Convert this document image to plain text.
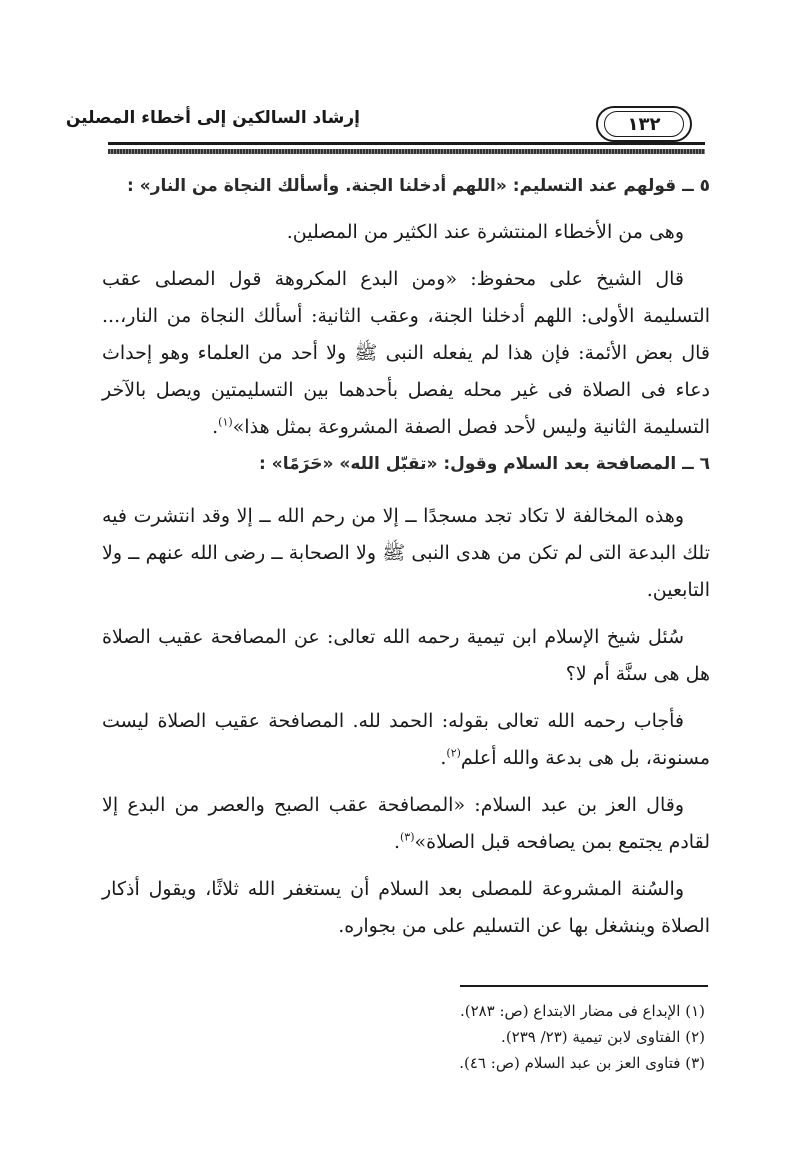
إرشاد السالكين إلى أخطاء المصلين	١٣٢

٥ ــ قولهم عند التسليم: «اللهم أدخلنا الجنة. وأسألك النجاة من النار» :

وهى من الأخطاء المنتشرة عند الكثير من المصلين.

قال الشيخ على محفوظ: «ومن البدع المكروهة قول المصلى عقب التسليمة الأولى: اللهم أدخلنا الجنة، وعقب الثانية: أسألك النجاة من النار،... قال بعض الأئمة: فإن هذا لم يفعله النبى ﷺ ولا أحد من العلماء وهو إحداث دعاء فى الصلاة فى غير محله يفصل بأحدهما بين التسليمتين ويصل بالآخر التسليمة الثانية وليس لأحد فصل الصفة المشروعة بمثل هذا»$^{(١)}$.

٦ ــ المصافحة بعد السلام وقول: «تقبّل الله» «حَرَمًا» :

وهذه المخالفة لا تكاد تجد مسجدًا ــ إلا من رحم الله ــ إلا وقد انتشرت فيه تلك البدعة التى لم تكن من هدى النبى ﷺ ولا الصحابة ــ رضى الله عنهم ــ ولا التابعين.

سُئل شيخ الإسلام ابن تيمية رحمه الله تعالى: عن المصافحة عقيب الصلاة هل هى سنَّة أم لا؟

فأجاب رحمه الله تعالى بقوله: الحمد لله. المصافحة عقيب الصلاة ليست مسنونة، بل هى بدعة والله أعلم$^{(٢)}$.

وقال العز بن عبد السلام: «المصافحة عقب الصبح والعصر من البدع إلا لقادم يجتمع بمن يصافحه قبل الصلاة»$^{(٣)}$.

والسُنة المشروعة للمصلى بعد السلام أن يستغفر الله ثلاثًا، ويقول أذكار الصلاة وينشغل بها عن التسليم على من بجواره.

(١) الإبداع فى مضار الابتداع (ص: ٢٨٣).
(٢) الفتاوى لابن تيمية (٢٣/ ٢٣٩).
(٣) فتاوى العز بن عبد السلام (ص: ٤٦).
